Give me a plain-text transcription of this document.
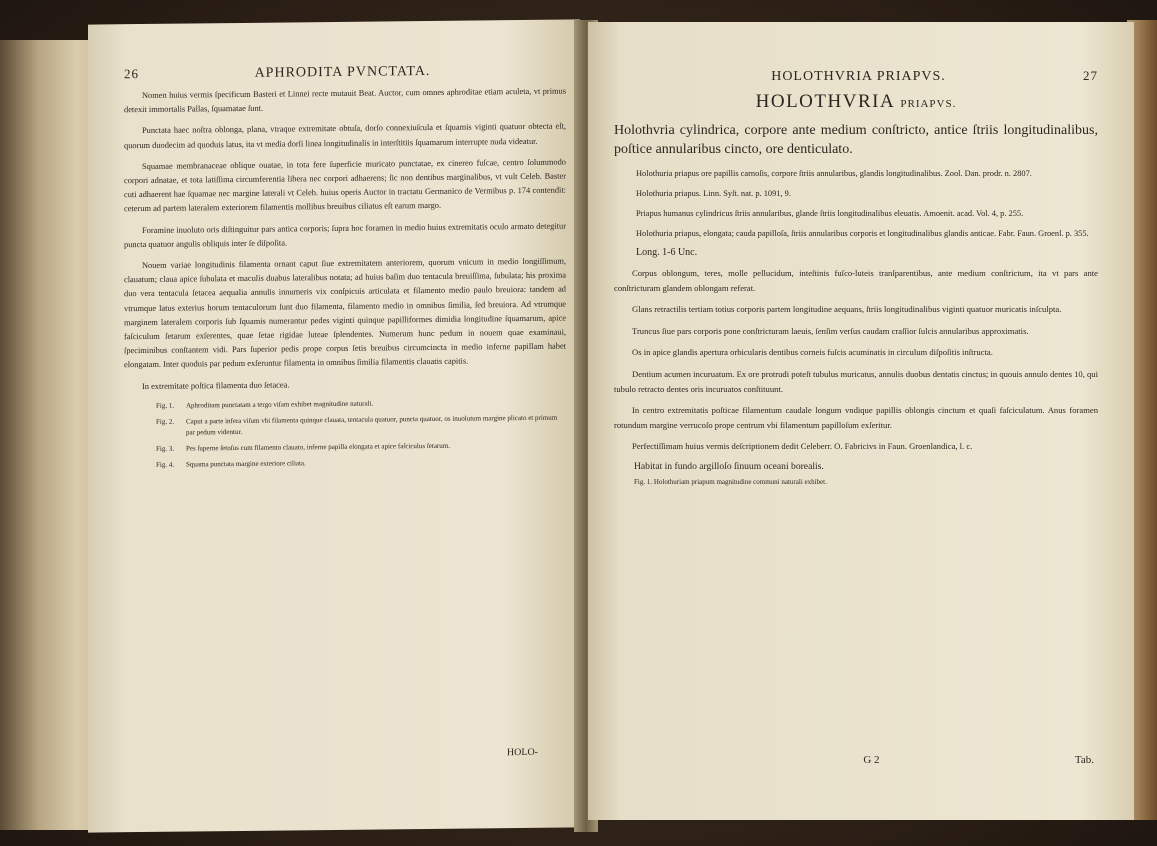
26	APHRODITA PVNCTATA.

Nomen huius vermis ſpecificum Basteri et Linnei recte mutauit Beat. Auctor, cum omnes aphroditae etiam aculeta, vt primus detexit immortalis Pallas, ſquamatae ſunt.

Punctata haec noſtra oblonga, plana, vtraque extremitate obtuſa, dorſo connexiuſcula et ſquamis viginti quatuor obtecta eſt, quorum duodecim ad quoduis latus, ita vt media dorſi linea longitudinalis in interſtitiis ſquamarum interrupte nuda videatur.

Squamae membranaceae oblique ouatae, in tota fere ſuperficie muricato punctatae, ex cinereo fuſcae, centro ſolummodo corpori adnatae, et tota latiſſima circumferentia libera nec corpori adhaerens; ſic non dentibus marginalibus, vt vult Celeb. Baster cuti adhaerent hae ſquamae nec margine laterali vt Celeb. huius operis Auctor in tractatu Germanico de Vermibus p. 174 contendit: ceterum ad partem lateralem exteriorem filamentis mollibus breuibus ciliatus eſt earum margo.

Foramine inuoluto oris diſtinguitur pars antica corporis; ſupra hoc foramen in medio huius extremitatis oculo armato detegitur puncta quatuor angulis obliquis inter ſe diſpoſita.

Nouem variae longitudinis filamenta ornant caput ſiue extremitatem anteriorem, quorum vnicum in medio longiſſimum, clauatum; claua apice ſubulata et maculis duabus lateralibus notata; ad huius baſim duo tentacula breuiſſima, ſubulata; his proxima duo vera tentacula ſetacea aequalia annulis innumeris vix conſpicuis articulata et filamento medio paulo breuiora: tandem ad vtrumque latus exterius horum tentaculorum ſunt duo filamenta, filamento medio in omnibus ſimilia, ſed breuiora. Ad vtrumque marginem lateralem corporis ſub ſquamis numerantur pedes viginti quinque papilliformes dimidia longitudine ſquamarum, apice faſciculum ſetarum exſerentes, quae ſetae rigidae luteae ſplendentes. Numerum hunc pedum in nouem quae examinaui, ſpeciminibus conſtantem vidi. Pars ſuperior pedis prope corpus ſetis breuibus circumcincta in medio inferne papillam habet elongatam. Inter quoduis par pedum exſeruntur filamenta in omnibus ſimilia filamentis clauatis capitis.

In extremitate poſtica filamenta duo ſetacea.

Fig. 1.	Aphroditam punctatam a tergo viſam exhibet magnitudine naturali.
Fig. 2.	Caput a parte infera viſum vbi filamenta quinque clauata, tentacula quatuor, puncta quatuor, os inuolutum margine plicato et primum par pedum videntur.
Fig. 3.	Pes ſuperne ſetoſus cum filamento clauato, inferne papilla elongata et apice faſciculus ſetarum.
Fig. 4.	Squama punctata margine exteriore ciliata.
HOLO-
HOLOTHVRIA PRIAPVS.	27
HOLOTHVRIA PRIAPVS.

Holothvria cylindrica, corpore ante medium conſtricto, antice ſtriis longitudinalibus, poſtice annularibus cincto, ore denticulato.

Holothuria priapus ore papillis carnoſis, corpore ſtriis annularibus, glandis longitudinalibus. Zool. Dan. prodr. n. 2807.

Holothuria priapus. Linn. Syſt. nat. p. 1091, 9.

Priapus humanus cylindricus ſtriis annularibus, glande ſtriis longitudinalibus eleuatis. Amoenit. acad. Vol. 4, p. 255.

Holothuria priapus, elongata; cauda papilloſa, ſtriis annularibus corporis et longitudinalibus glandis anticae. Fabr. Faun. Groenl. p. 355.

Long. 1-6 Unc.

Corpus oblongum, teres, molle pellucidum, inteſtinis fuſco-luteis tranſparentibus, ante medium conſtrictum, ita vt pars ante conſtricturam glandem oblongam referat.

Glans retractilis tertiam totius corporis partem longitudine aequans, ſtriis longitudinalibus viginti quatuor muricatis inſculpta.

Truncus ſiue pars corporis pone conſtricturam laeuis, ſenſim verſus caudam craſſior ſulcis annularibus approximatis.

Os in apice glandis apertura orbicularis dentibus corneis fuſcis acuminatis in circulum diſpoſitis inſtructa.

Dentium acumen incuruatum. Ex ore protrudi poteſt tubulus muricatus, annulis duobus dentatis cinctus; in quouis annulo dentes 10, qui tubulo retracto dentes oris incuruatos conſtituunt.

In centro extremitatis poſticae filamentum caudale longum vndique papillis oblongis cinctum et quaſi faſciculatum. Anus foramen rotundum margine verrucoſo prope centrum vbi filamentum papilloſum exſeritur.

Perfectiſſimam huius vermis deſcriptionem dedit Celeberr. O. Fabricivs in Faun. Groenlandica, l. c.

Habitat in fundo argilloſo ſinuum oceani borealis.
Fig. 1. Holothuriam priapum magnitudine communi naturali exhibet.
G 2	Tab.
